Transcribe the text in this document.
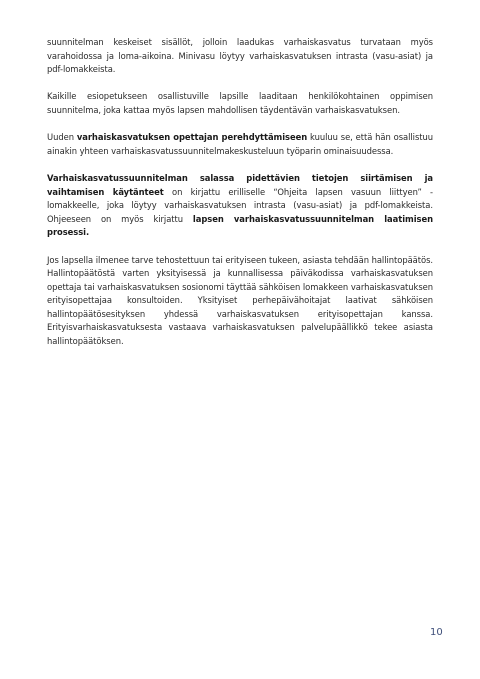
suunnitelman keskeiset sisällöt, jolloin laadukas varhaiskasvatus turvataan myös varahoidossa ja loma-aikoina. Minivasu löytyy varhaiskasvatuksen intrasta (vasu-asiat) ja pdf-lomakkeista.

Kaikille esiopetukseen osallistuville lapsille laaditaan henkilökohtainen oppimisen suunnitelma, joka kattaa myös lapsen mahdollisen täydentävän varhaiskasvatuksen.

Uuden varhaiskasvatuksen opettajan perehdyttämiseen kuuluu se, että hän osallistuu ainakin yhteen varhaiskasvatussuunnitelmakeskusteluun työparin ominaisuudessa.

Varhaiskasvatussuunnitelman salassa pidettävien tietojen siirtämisen ja vaihtamisen käytänteet on kirjattu erilliselle “Ohjeita lapsen vasuun liittyen” -lomakkeelle, joka löytyy varhaiskasvatuksen intrasta (vasu-asiat) ja pdf-lomakkeista. Ohjeeseen on myös kirjattu lapsen varhaiskasvatussuunnitelman laatimisen prosessi.

Jos lapsella ilmenee tarve tehostettuun tai erityiseen tukeen, asiasta tehdään hallintopäätös. Hallintopäätöstä varten yksityisessä ja kunnallisessa päiväkodissa varhaiskasvatuksen opettaja tai varhaiskasvatuksen sosionomi täyttää sähköisen lomakkeen varhaiskasvatuksen erityisopettajaa konsultoiden. Yksityiset perhepäivähoitajat laativat sähköisen hallintopäätösesityksen yhdessä varhaiskasvatuksen erityisopettajan kanssa. Erityisvarhaiskasvatuksesta vastaava varhaiskasvatuksen palvelupäällikkö tekee asiasta hallintopäätöksen.

10
